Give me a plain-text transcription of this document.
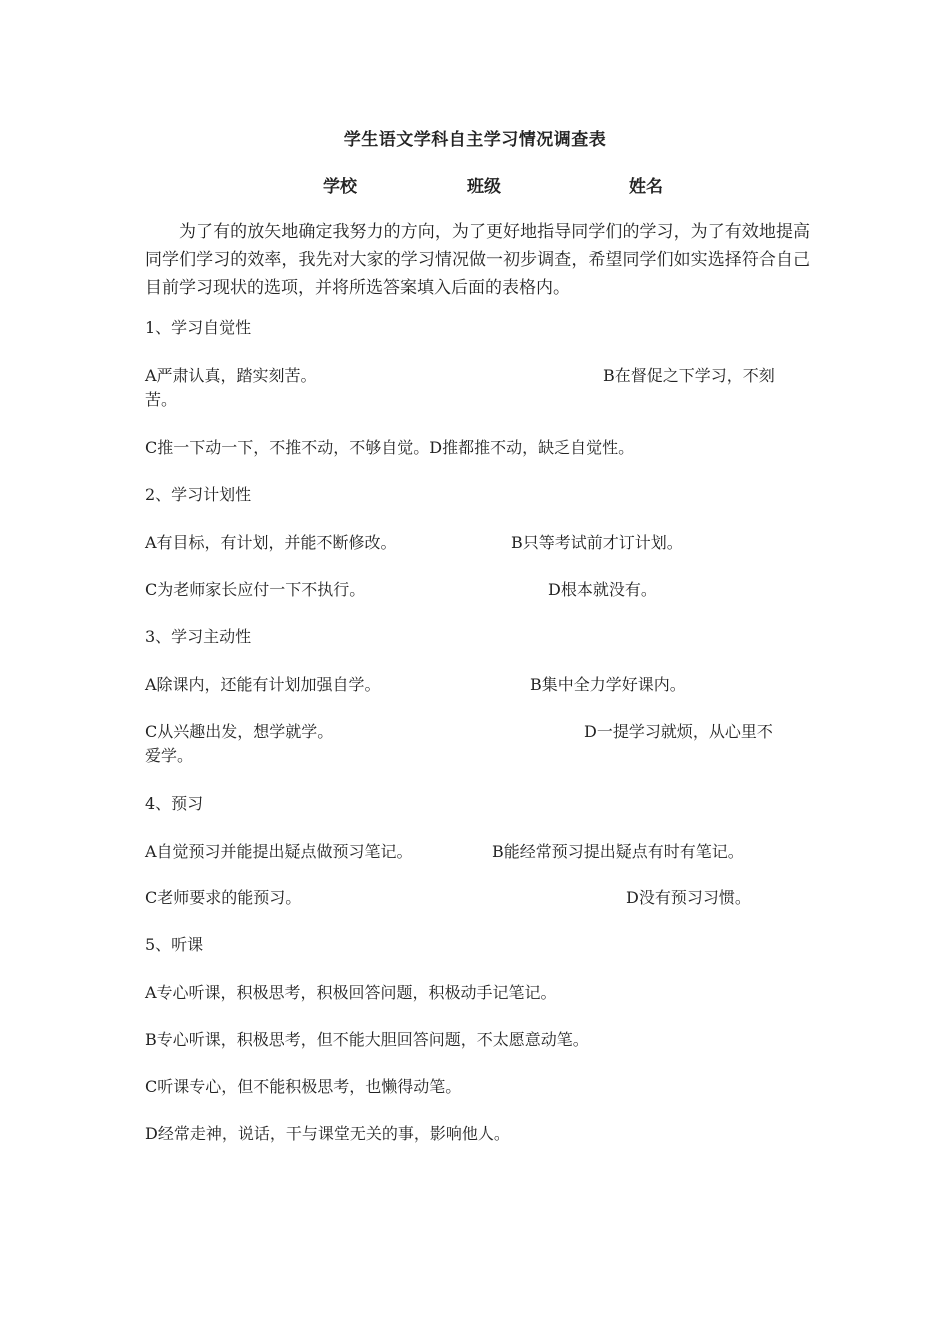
学生语文学科自主学习情况调查表
学校	班级	姓名
为了有的放矢地确定我努力的方向，为了更好地指导同学们的学习，为了有效地提高同学们学习的效率，我先对大家的学习情况做一初步调查，希望同学们如实选择符合自己目前学习现状的选项，并将所选答案填入后面的表格内。
1、学习自觉性
A严肃认真，踏实刻苦。	B在督促之下学习，不刻
苦。
C推一下动一下，不推不动，不够自觉。D推都推不动，缺乏自觉性。
2、学习计划性
A有目标，有计划，并能不断修改。	B只等考试前才订计划。
C为老师家长应付一下不执行。	D根本就没有。
3、学习主动性
A除课内，还能有计划加强自学。	B集中全力学好课内。
C从兴趣出发，想学就学。	D一提学习就烦，从心里不
爱学。
4、预习
A自觉预习并能提出疑点做预习笔记。	B能经常预习提出疑点有时有笔记。
C老师要求的能预习。	D没有预习习惯。
5、听课
A专心听课，积极思考，积极回答问题，积极动手记笔记。
B专心听课，积极思考，但不能大胆回答问题，不太愿意动笔。
C听课专心，但不能积极思考，也懒得动笔。
D经常走神，说话，干与课堂无关的事，影响他人。
